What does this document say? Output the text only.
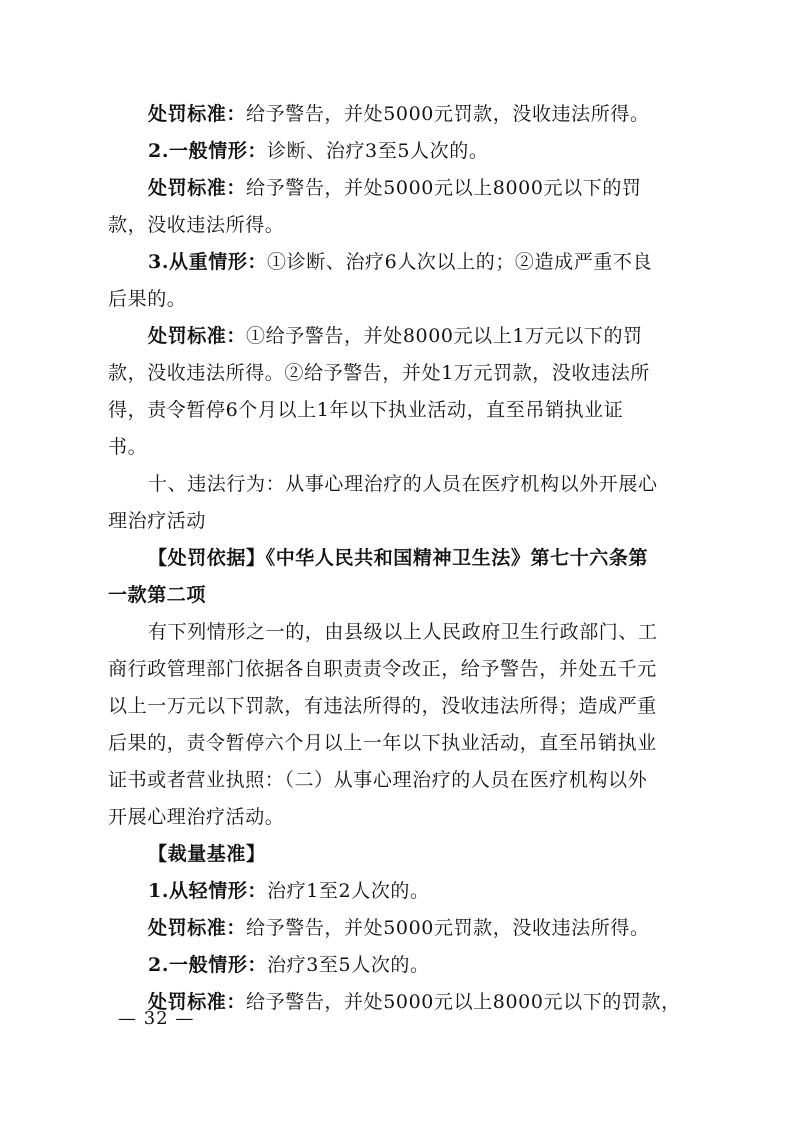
处罚标准：给予警告，并处5000元罚款，没收违法所得。
2.一般情形：诊断、治疗3至5人次的。
处罚标准：给予警告，并处5000元以上8000元以下的罚
款，没收违法所得。
3.从重情形：①诊断、治疗6人次以上的；②造成严重不良
后果的。
处罚标准：①给予警告，并处8000元以上1万元以下的罚
款，没收违法所得。②给予警告，并处1万元罚款，没收违法所
得，责令暂停6个月以上1年以下执业活动，直至吊销执业证
书。
十、违法行为：从事心理治疗的人员在医疗机构以外开展心
理治疗活动
【处罚依据】《中华人民共和国精神卫生法》第七十六条第
一款第二项
有下列情形之一的，由县级以上人民政府卫生行政部门、工
商行政管理部门依据各自职责责令改正，给予警告，并处五千元
以上一万元以下罚款，有违法所得的，没收违法所得；造成严重
后果的，责令暂停六个月以上一年以下执业活动，直至吊销执业
证书或者营业执照：（二）从事心理治疗的人员在医疗机构以外
开展心理治疗活动。
【裁量基准】
1.从轻情形：治疗1至2人次的。
处罚标准：给予警告，并处5000元罚款，没收违法所得。
2.一般情形：治疗3至5人次的。
处罚标准：给予警告，并处5000元以上8000元以下的罚款，
— 32 —
